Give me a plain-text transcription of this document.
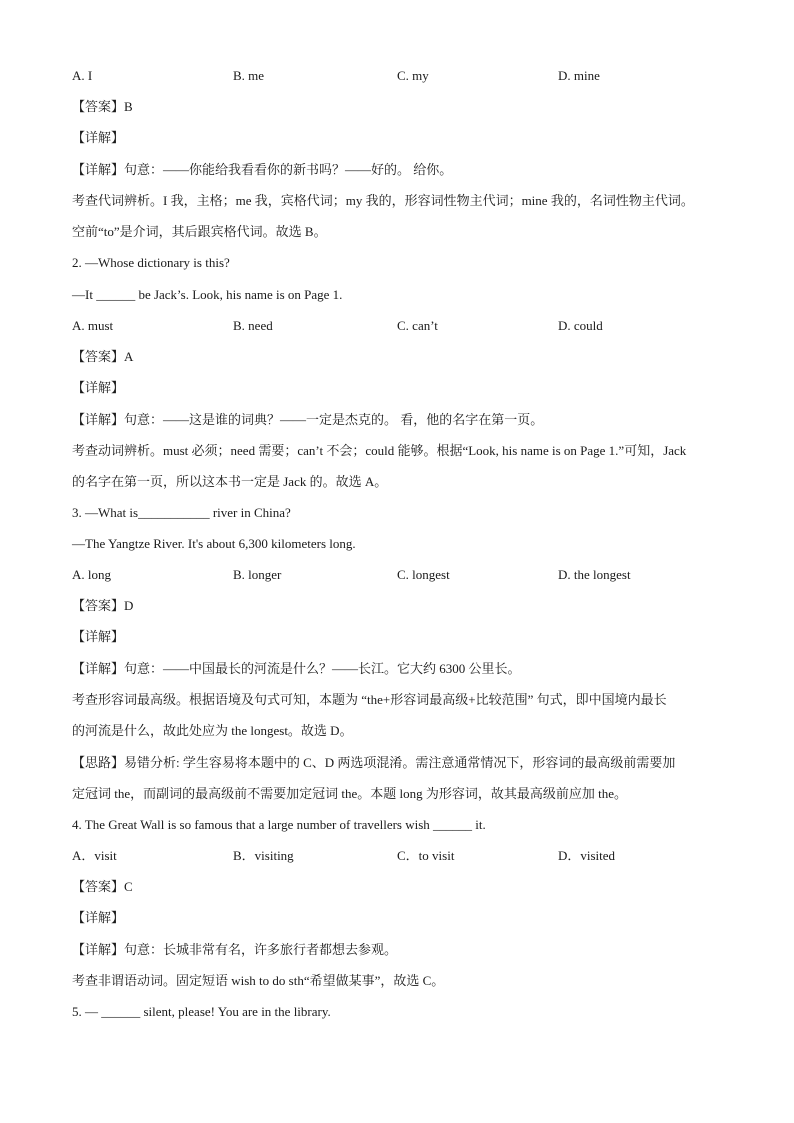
A. I	B. me	C. my	D. mine
【答案】B
【详解】
【详解】句意：——你能给我看看你的新书吗？——好的。 给你。
考查代词辨析。I 我，主格；me 我，宾格代词；my 我的，形容词性物主代词；mine 我的，名词性物主代词。
空前“to”是介词，其后跟宾格代词。故选 B。
2. —Whose dictionary is this?
—It ______ be Jack’s. Look, his name is on Page 1.
A. must	B. need	C. can’t	D. could
【答案】A
【详解】
【详解】句意：——这是谁的词典？——一定是杰克的。 看，他的名字在第一页。
考查动词辨析。must 必须；need 需要；can’t 不会；could 能够。根据“Look, his name is on Page 1.”可知，Jack
的名字在第一页，所以这本书一定是 Jack 的。故选 A。
3. —What is___________ river in China?
—The Yangtze River. It's about 6,300 kilometers long.
A. long	B. longer	C. longest	D. the longest
【答案】D
【详解】
【详解】句意：——中国最长的河流是什么？——长江。它大约 6300 公里长。
考查形容词最高级。根据语境及句式可知，本题为 “the+形容词最高级+比较范围” 句式，即中国境内最长
的河流是什么，故此处应为 the longest。故选 D。
【思路】易错分析: 学生容易将本题中的 C、D 两选项混淆。需注意通常情况下，形容词的最高级前需要加
定冠词 the，而副词的最高级前不需要加定冠词 the。本题 long 为形容词，故其最高级前应加 the。
4. The Great Wall is so famous that a large number of travellers wish ______ it.
A．visit	B．visiting	C．to visit	D．visited
【答案】C
【详解】
【详解】句意：长城非常有名，许多旅行者都想去参观。
考查非谓语动词。固定短语 wish to do sth“希望做某事”，故选 C。
5. — ______ silent, please! You are in the library.
